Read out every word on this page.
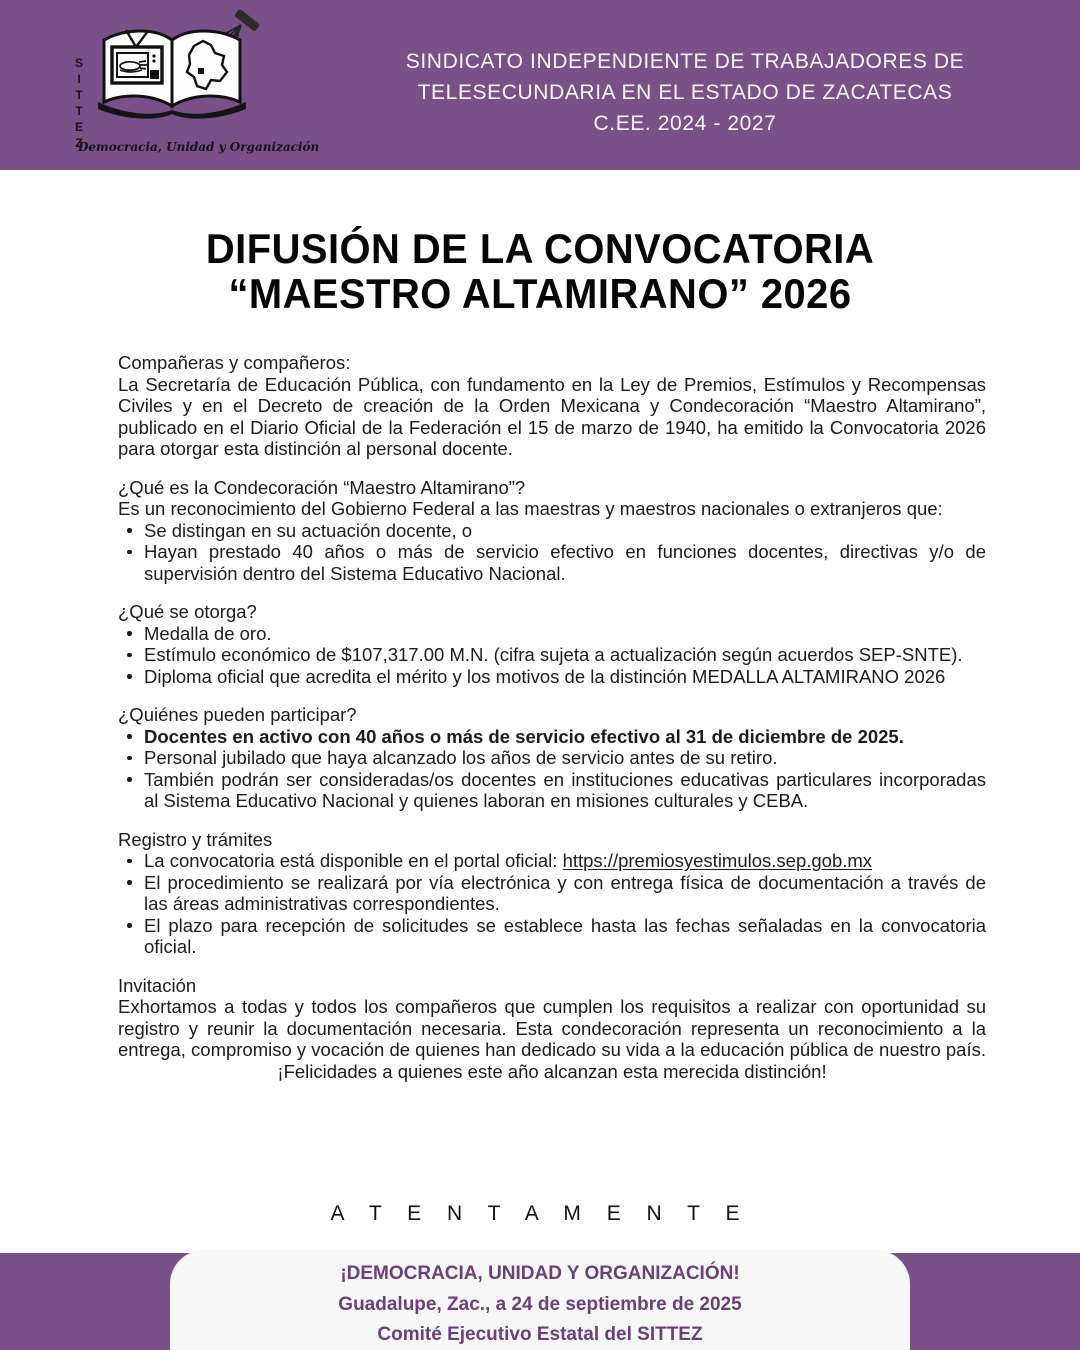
SITTEZ
Democracia, Unidad y Organización
SINDICATO INDEPENDIENTE DE TRABAJADORES DE
TELESECUNDARIA EN EL ESTADO DE ZACATECAS
C.EE. 2024 - 2027
DIFUSIÓN DE LA CONVOCATORIA
“MAESTRO ALTAMIRANO” 2026
Compañeras y compañeros:
La Secretaría de Educación Pública, con fundamento en la Ley de Premios, Estímulos y Recompensas Civiles y en el Decreto de creación de la Orden Mexicana y Condecoración “Maestro Altamirano”, publicado en el Diario Oficial de la Federación el 15 de marzo de 1940, ha emitido la Convocatoria 2026 para otorgar esta distinción al personal docente.
¿Qué es la Condecoración “Maestro Altamirano”?
Es un reconocimiento del Gobierno Federal a las maestras y maestros nacionales o extranjeros que:
Se distingan en su actuación docente, o
Hayan prestado 40 años o más de servicio efectivo en funciones docentes, directivas y/o de supervisión dentro del Sistema Educativo Nacional.
¿Qué se otorga?
Medalla de oro.
Estímulo económico de $107,317.00 M.N. (cifra sujeta a actualización según acuerdos SEP-SNTE).
Diploma oficial que acredita el mérito y los motivos de la distinción MEDALLA ALTAMIRANO 2026
¿Quiénes pueden participar?
Docentes en activo con 40 años o más de servicio efectivo al 31 de diciembre de 2025.
Personal jubilado que haya alcanzado los años de servicio antes de su retiro.
También podrán ser consideradas/os docentes en instituciones educativas particulares incorporadas al Sistema Educativo Nacional y quienes laboran en misiones culturales y CEBA.
Registro y trámites
La convocatoria está disponible en el portal oficial: https://premiosyestimulos.sep.gob.mx
El procedimiento se realizará por vía electrónica y con entrega física de documentación a través de las áreas administrativas correspondientes.
El plazo para recepción de solicitudes se establece hasta las fechas señaladas en la convocatoria oficial.
Invitación
Exhortamos a todas y todos los compañeros que cumplen los requisitos a realizar con oportunidad su registro y reunir la documentación necesaria. Esta condecoración representa un reconocimiento a la entrega, compromiso y vocación de quienes han dedicado su vida a la educación pública de nuestro país.
¡Felicidades a quienes este año alcanzan esta merecida distinción!
A T E N T A M E N T E
¡DEMOCRACIA, UNIDAD Y ORGANIZACIÓN!
Guadalupe, Zac., a 24 de septiembre de 2025
Comité Ejecutivo Estatal del SITTEZ
